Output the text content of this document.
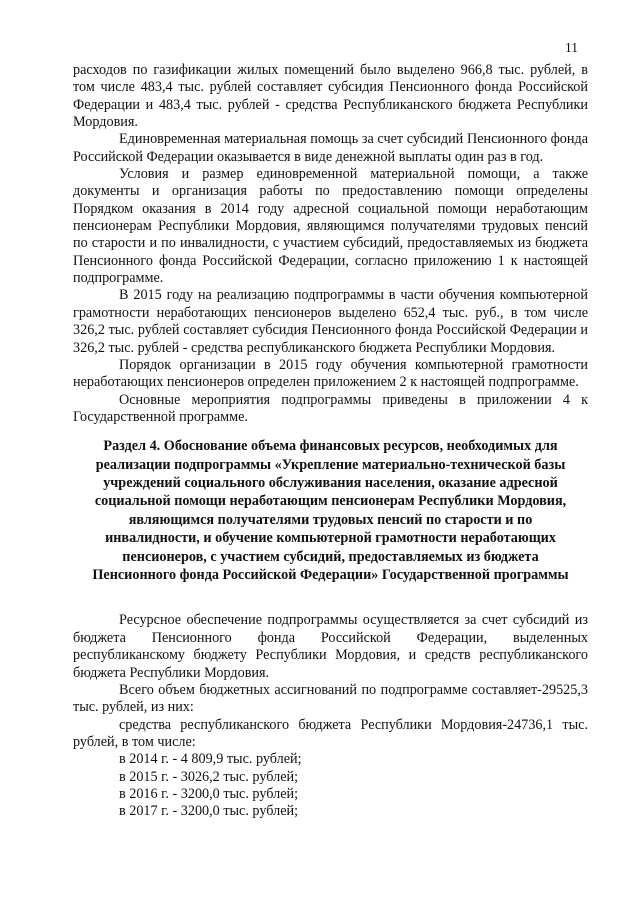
11

расходов по газификации жилых помещений было выделено 966,8 тыс. рублей, в том числе 483,4 тыс. рублей составляет субсидия Пенсионного фонда Российской Федерации и 483,4 тыс. рублей - средства Республиканского бюджета Республики Мордовия.

Единовременная материальная помощь за счет субсидий Пенсионного фонда Российской Федерации оказывается в виде денежной выплаты один раз в год.

Условия и размер единовременной материальной помощи, а также документы и организация работы по предоставлению помощи определены Порядком оказания в 2014 году адресной социальной помощи неработающим пенсионерам Республики Мордовия, являющимся получателями трудовых пенсий по старости и по инвалидности, с участием субсидий, предоставляемых из бюджета Пенсионного фонда Российской Федерации, согласно приложению 1 к настоящей подпрограмме.

В 2015 году на реализацию подпрограммы в части обучения компьютерной грамотности неработающих пенсионеров выделено 652,4 тыс. руб., в том числе 326,2 тыс. рублей составляет субсидия Пенсионного фонда Российской Федерации и 326,2 тыс. рублей - средства республиканского бюджета Республики Мордовия.

Порядок организации в 2015 году обучения компьютерной грамотности неработающих пенсионеров определен приложением 2 к настоящей подпрограмме.

Основные мероприятия подпрограммы приведены в приложении 4 к Государственной программе.

Раздел 4. Обоснование объема финансовых ресурсов, необходимых для
реализации подпрограммы «Укрепление материально-технической базы
учреждений социального обслуживания населения, оказание адресной
социальной помощи неработающим пенсионерам Республики Мордовия,
являющимся получателями трудовых пенсий по старости и по
инвалидности, и обучение компьютерной грамотности неработающих
пенсионеров, с участием субсидий, предоставляемых из бюджета
Пенсионного фонда Российской Федерации» Государственной программы

Ресурсное обеспечение подпрограммы осуществляется за счет субсидий из бюджета Пенсионного фонда Российской Федерации, выделенных республиканскому бюджету Республики Мордовия, и средств республиканского бюджета Республики Мордовия.

Всего объем бюджетных ассигнований по подпрограмме составляет-29525,3 тыс. рублей, из них:

средства республиканского бюджета Республики Мордовия-24736,1 тыс. рублей, в том числе:

в 2014 г. - 4 809,9 тыс. рублей;

в 2015 г. - 3026,2 тыс. рублей;

в 2016 г. - 3200,0 тыс. рублей;

в 2017 г. - 3200,0 тыс. рублей;
